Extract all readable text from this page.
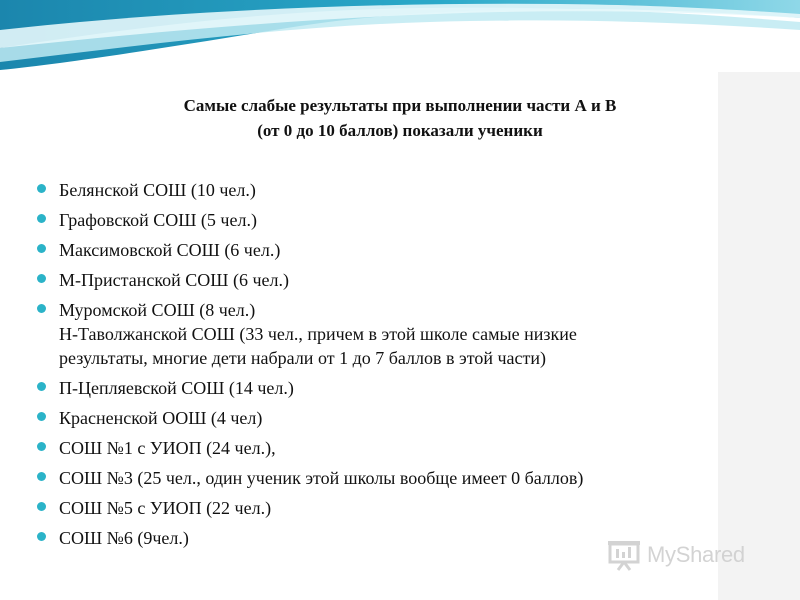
Самые слабые результаты при выполнении части А и В
(от 0 до 10 баллов) показали ученики
Белянской СОШ (10 чел.)
Графовской СОШ (5 чел.)
Максимовской СОШ (6 чел.)
М-Пристанской СОШ (6 чел.)
Муромской СОШ (8 чел.)
Н-Таволжанской СОШ (33 чел., причем в этой школе самые низкие
результаты, многие дети набрали от 1 до 7 баллов в этой части)
П-Цепляевской СОШ (14 чел.)
Красненской ООШ (4 чел)
СОШ №1 с УИОП (24 чел.),
СОШ №3 (25 чел., один ученик этой школы вообще имеет 0 баллов)
СОШ №5 с УИОП (22 чел.)
СОШ №6 (9чел.)
MyShared
